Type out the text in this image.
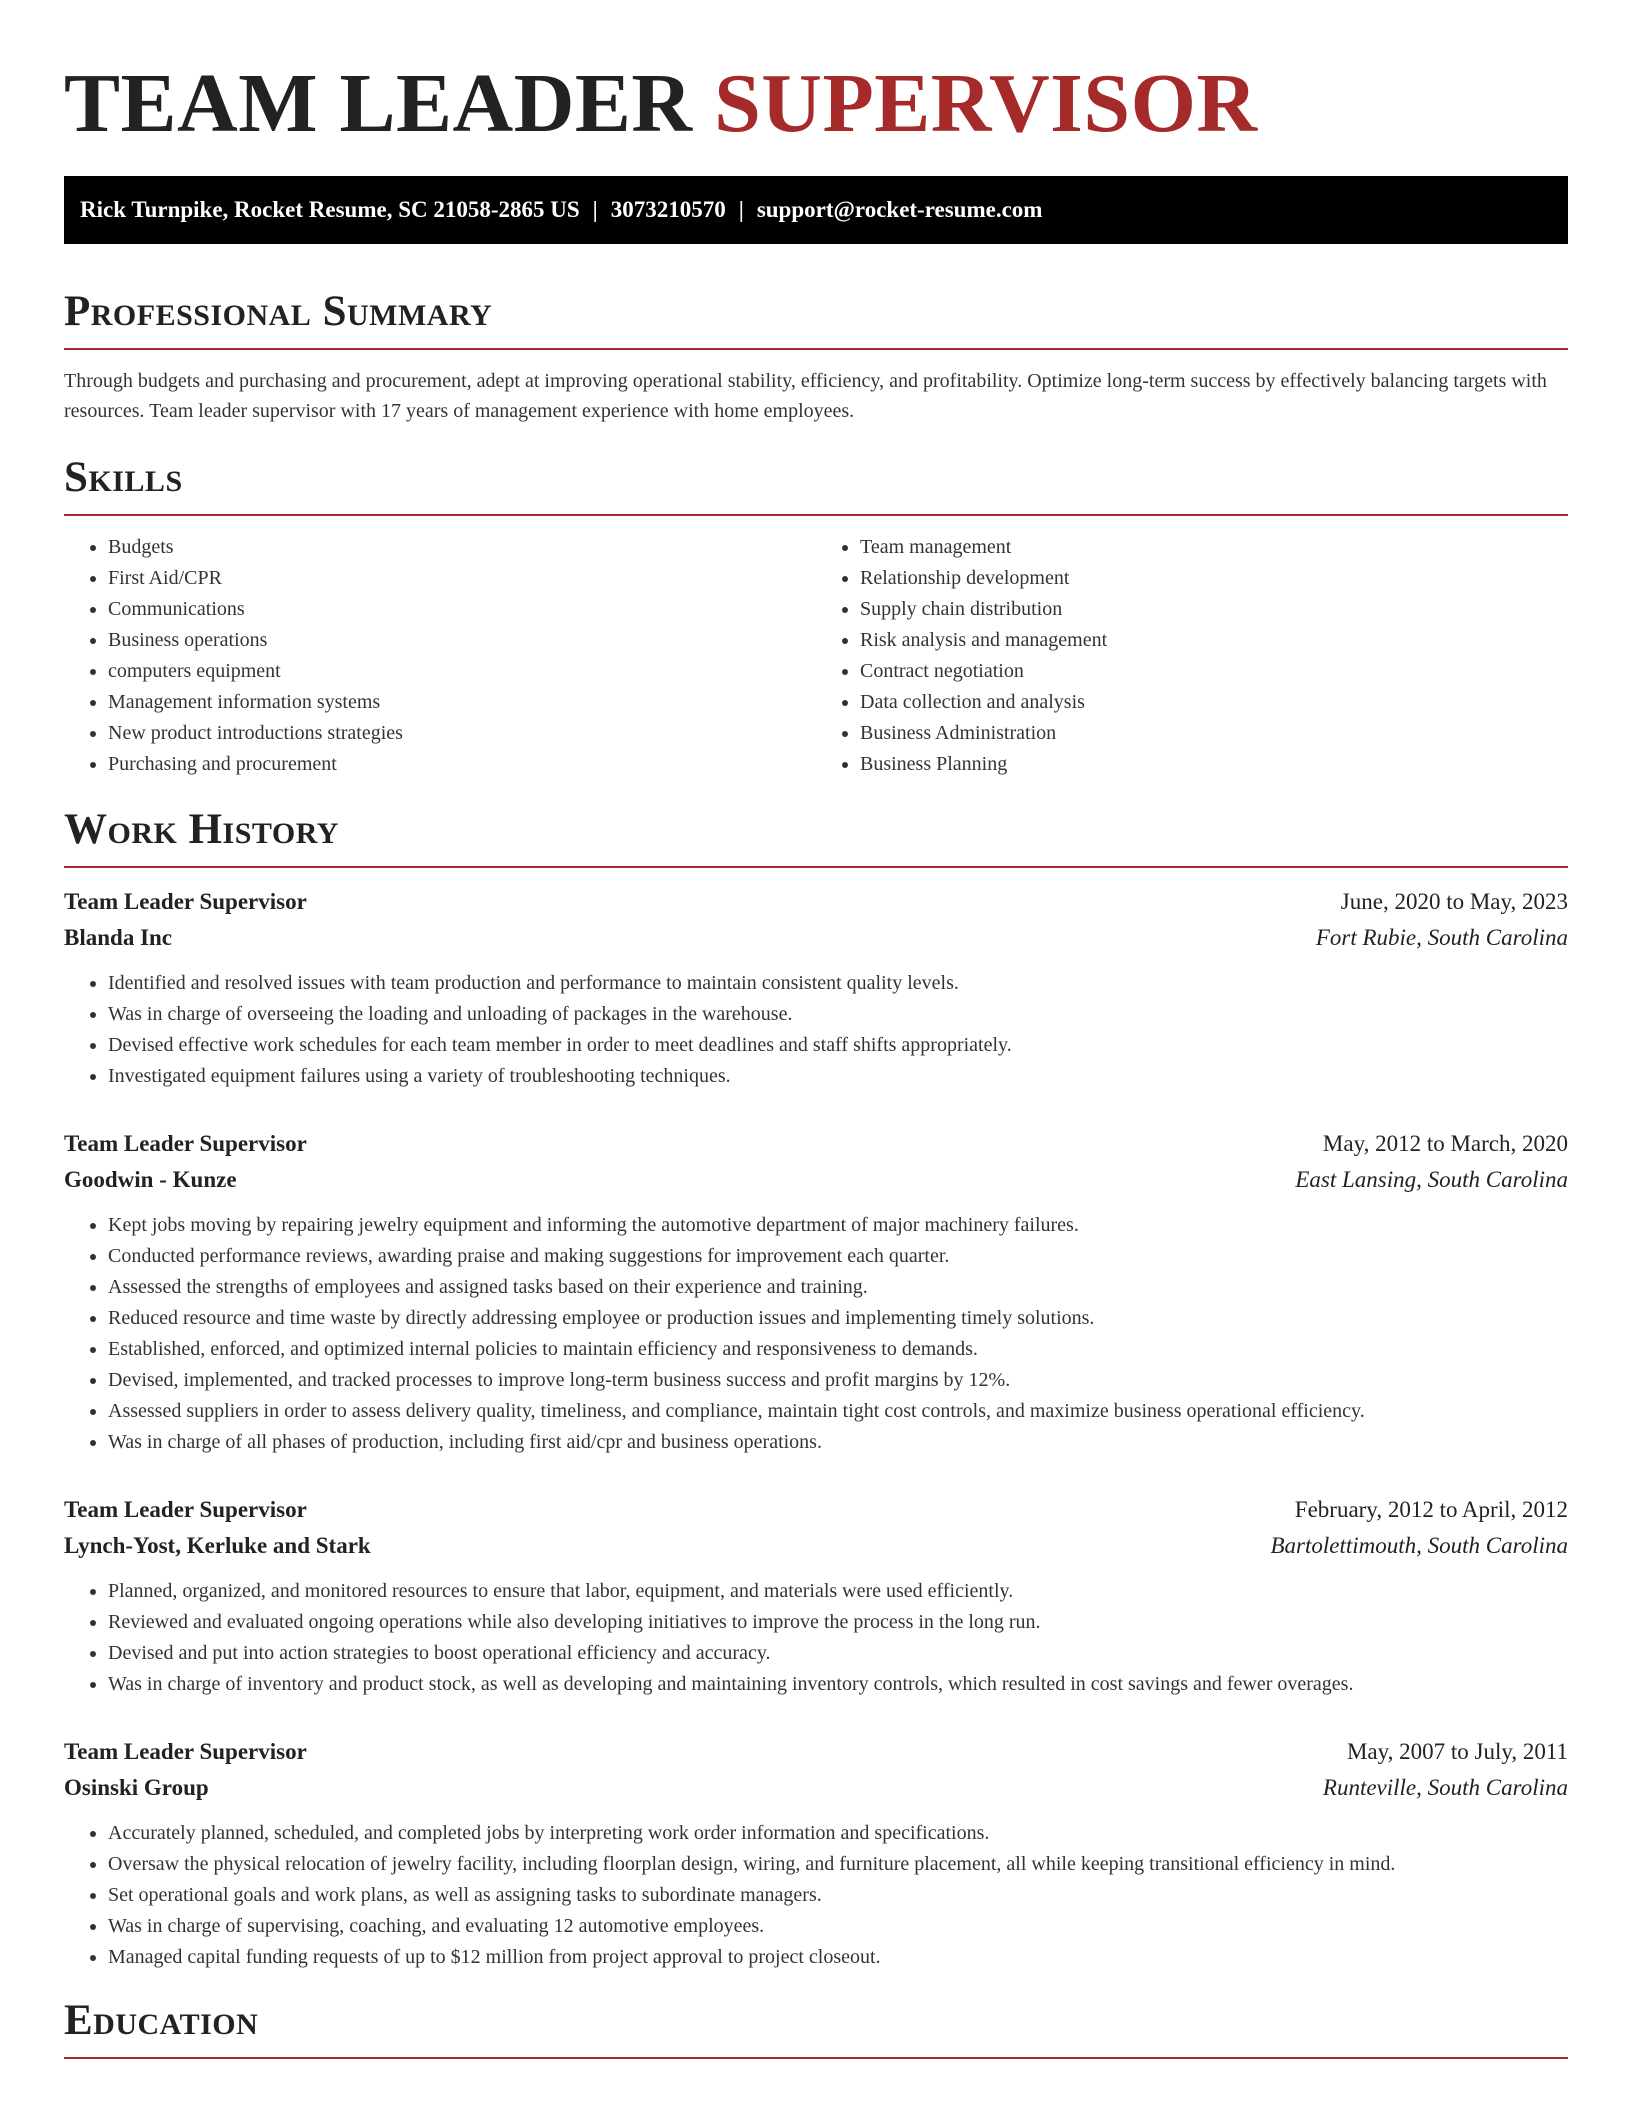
TEAM LEADER SUPERVISOR
Rick Turnpike, Rocket Resume, SC 21058-2865 US | 3073210570 | support@rocket-resume.com
Professional Summary

Through budgets and purchasing and procurement, adept at improving operational stability, efficiency, and profitability. Optimize long-term success by effectively balancing targets with resources. Team leader supervisor with 17 years of management experience with home employees.

Skills
• Budgets
• First Aid/CPR
• Communications
• Business operations
• computers equipment
• Management information systems
• New product introductions strategies
• Purchasing and procurement
• Team management
• Relationship development
• Supply chain distribution
• Risk analysis and management
• Contract negotiation
• Data collection and analysis
• Business Administration
• Business Planning
Work History
Team Leader Supervisor	June, 2020 to May, 2023
Blanda Inc	Fort Rubie, South Carolina
• Identified and resolved issues with team production and performance to maintain consistent quality levels.
• Was in charge of overseeing the loading and unloading of packages in the warehouse.
• Devised effective work schedules for each team member in order to meet deadlines and staff shifts appropriately.
• Investigated equipment failures using a variety of troubleshooting techniques.
Team Leader Supervisor	May, 2012 to March, 2020
Goodwin - Kunze	East Lansing, South Carolina
• Kept jobs moving by repairing jewelry equipment and informing the automotive department of major machinery failures.
• Conducted performance reviews, awarding praise and making suggestions for improvement each quarter.
• Assessed the strengths of employees and assigned tasks based on their experience and training.
• Reduced resource and time waste by directly addressing employee or production issues and implementing timely solutions.
• Established, enforced, and optimized internal policies to maintain efficiency and responsiveness to demands.
• Devised, implemented, and tracked processes to improve long-term business success and profit margins by 12%.
• Assessed suppliers in order to assess delivery quality, timeliness, and compliance, maintain tight cost controls, and maximize business operational efficiency.
• Was in charge of all phases of production, including first aid/cpr and business operations.
Team Leader Supervisor	February, 2012 to April, 2012
Lynch-Yost, Kerluke and Stark	Bartolettimouth, South Carolina
• Planned, organized, and monitored resources to ensure that labor, equipment, and materials were used efficiently.
• Reviewed and evaluated ongoing operations while also developing initiatives to improve the process in the long run.
• Devised and put into action strategies to boost operational efficiency and accuracy.
• Was in charge of inventory and product stock, as well as developing and maintaining inventory controls, which resulted in cost savings and fewer overages.
Team Leader Supervisor	May, 2007 to July, 2011
Osinski Group	Runteville, South Carolina
• Accurately planned, scheduled, and completed jobs by interpreting work order information and specifications.
• Oversaw the physical relocation of jewelry facility, including floorplan design, wiring, and furniture placement, all while keeping transitional efficiency in mind.
• Set operational goals and work plans, as well as assigning tasks to subordinate managers.
• Was in charge of supervising, coaching, and evaluating 12 automotive employees.
• Managed capital funding requests of up to $12 million from project approval to project closeout.
Education
